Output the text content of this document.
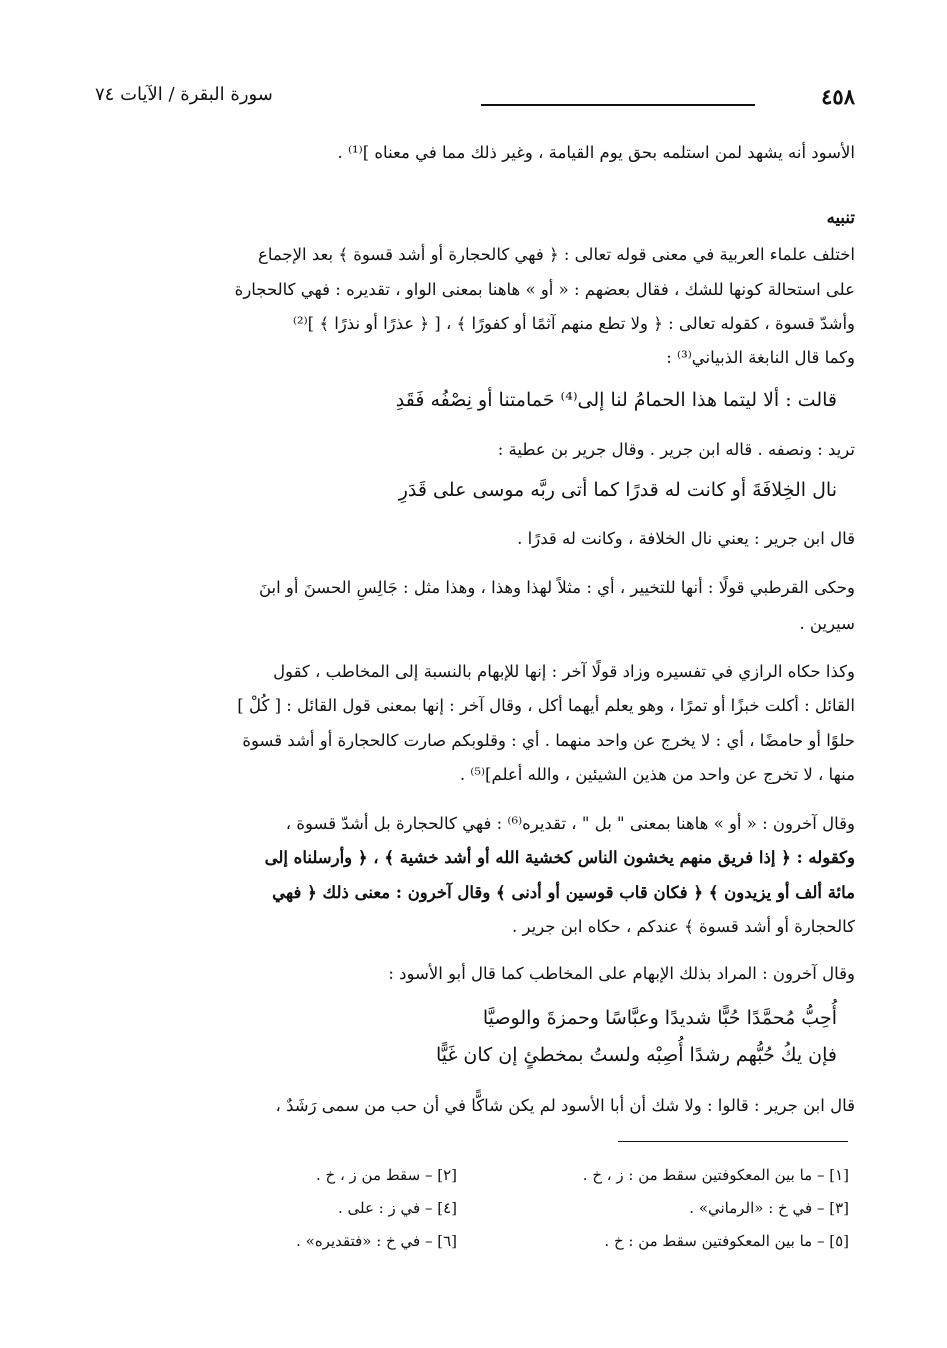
٤٥٨
سورة البقرة / الآيات ٧٤
الأسود أنه يشهد لمن استلمه بحق يوم القيامة ، وغير ذلك مما في معناه ]⁽¹⁾ .
تنبيه
اختلف علماء العربية في معنى قوله تعالى : ﴿ فهي كالحجارة أو أشد قسوة ﴾ بعد الإجماع
على استحالة كونها للشك ، فقال بعضهم : « أو » هاهنا بمعنى الواو ، تقديره : فهي كالحجارة
وأشدّ قسوة ، كقوله تعالى : ﴿ ولا تطع منهم آثمًا أو كفورًا ﴾ ، [ ﴿ عذرًا أو نذرًا ﴾ ]⁽²⁾
وكما قال النابغة الذبياني⁽³⁾ :
قالت : ألا ليتما هذا الحمامُ لنا إلى⁽⁴⁾ حَمامتنا أو نِصْفُه فَقَدِ
تريد : ونصفه . قاله ابن جرير . وقال جرير بن عطية :
نال الخِلافَةَ أو كانت له قدرًا كما أتى ربَّه موسى على قَدَرِ
قال ابن جرير : يعني نال الخلافة ، وكانت له قدرًا .
وحكى القرطبي قولًا : أنها للتخيير ، أي : مثلاً لهذا وهذا ، وهذا مثل : جَالِسِ الحسنَ أو ابنَ
سيرين .
وكذا حكاه الرازي في تفسيره وزاد قولًا آخر : إنها للإبهام بالنسبة إلى المخاطب ، كقول
القائل : أكلت خبزًا أو تمرًا ، وهو يعلم أيهما أكل ، وقال آخر : إنها بمعنى قول القائل : [ كُلْ ]
حلوًا أو حامضًا ، أي : لا يخرج عن واحد منهما . أي : وقلوبكم صارت كالحجارة أو أشد قسوة
منها ، لا تخرج عن واحد من هذين الشيئين ، والله أعلم]⁽⁵⁾ .
وقال آخرون : « أو » هاهنا بمعنى " بل " ، تقديره⁽⁶⁾ : فهي كالحجارة بل أشدّ قسوة ،
وكقوله : ﴿ إذا فريق منهم يخشون الناس كخشية الله أو أشد خشية ﴾ ، ﴿ وأرسلناه إلى
مائة ألف أو يزيدون ﴾ ﴿ فكان قاب قوسين أو أدنى ﴾ وقال آخرون : معنى ذلك ﴿ فهي
كالحجارة أو أشد قسوة ﴾ عندكم ، حكاه ابن جرير .
وقال آخرون : المراد بذلك الإبهام على المخاطب كما قال أبو الأسود :
أُحِبُّ مُحمَّدًا حُبًّا شديدًا وعبَّاسًا وحمزةَ والوصيَّا
فإن يكُ حُبُّهم رشدًا أُصِبْه ولستُ بمخطئٍ إن كان غَيًّا
قال ابن جرير : قالوا : ولا شك أن أبا الأسود لم يكن شاكًّا في أن حب من سمى رَشَدٌ ،
[١] – ما بين المعكوفتين سقط من : ز ، خ .
[٢] – سقط من ز ، خ .
[٣] – في خ : «الرماني» .
[٤] – في ز : على .
[٥] – ما بين المعكوفتين سقط من : خ .
[٦] – في خ : «فتقديره» .
